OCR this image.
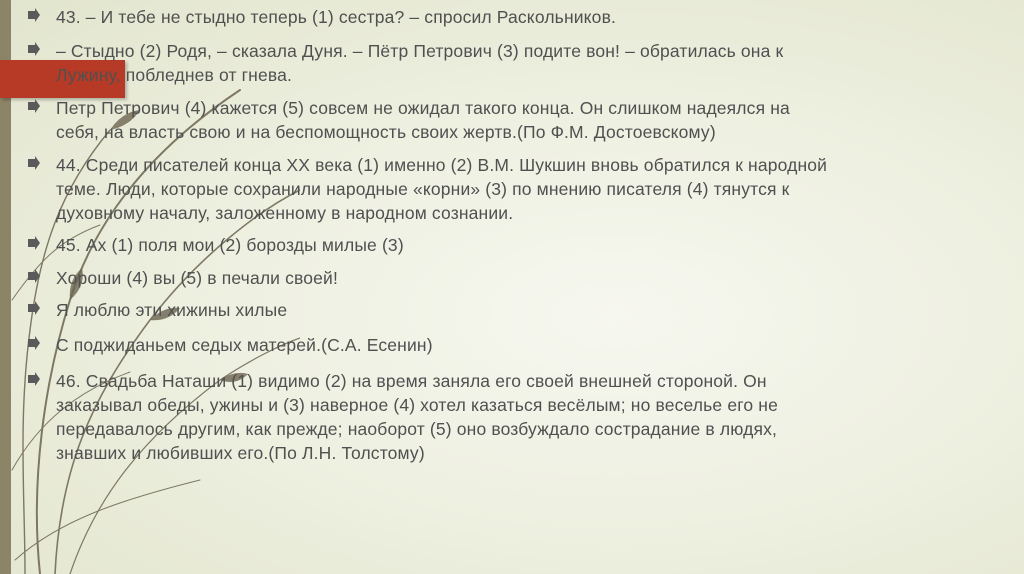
43. – И тебе не стыдно теперь (1) сестра? – спросил Раскольников.
– Стыдно (2) Родя, – сказала Дуня. – Пётр Петрович (3) подите вон! – обратилась она к
Лужину, побледнев от гнева.
Петр Петрович (4) кажется (5) совсем не ожидал такого конца. Он слишком надеялся на
себя, на власть свою и на беспомощность своих жертв.(По Ф.М. Достоевскому)
44. Среди писателей конца XX века (1) именно (2) В.М. Шукшин вновь обратился к народной
теме. Люди, которые сохранили народные «корни» (3) по мнению писателя (4) тянутся к
духовному началу, заложенному в народном сознании.
45. Ах (1) поля мои (2) борозды милые (3)
Хороши (4) вы (5) в печали своей!
Я люблю эти хижины хилые
С поджиданьем седых матерей.(С.А. Есенин)
46. Свадьба Наташи (1) видимо (2) на время заняла его своей внешней стороной. Он
заказывал обеды, ужины и (3) наверное (4) хотел казаться весёлым; но веселье его не
передавалось другим, как прежде; наоборот (5) оно возбуждало сострадание в людях,
знавших и любивших его.(По Л.Н. Толстому)
